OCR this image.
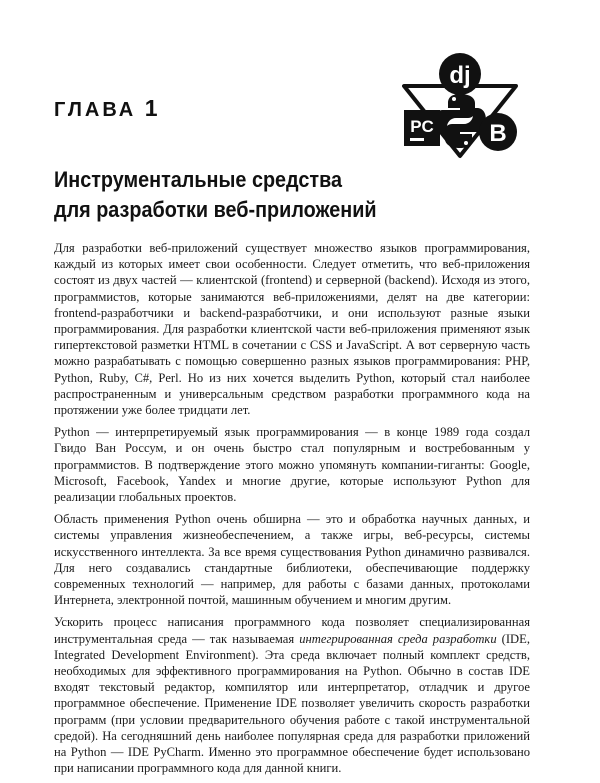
ГЛАВА 1
dj
PC B
Инструментальные средства
для разработки веб-приложений

Для разработки веб-приложений существует множество языков программирования, каждый из которых имеет свои особенности. Следует отметить, что веб-приложения состоят из двух частей — клиентской (frontend) и серверной (backend). Исходя из этого, программистов, которые занимаются веб-приложениями, делят на две категории: frontend-разработчики и backend-разработчики, и они используют разные языки программирования. Для разработки клиентской части веб-приложения применяют язык гипертекстовой разметки HTML в сочетании с CSS и JavaScript. А вот серверную часть можно разрабатывать с помощью совершенно разных языков программирования: PHP, Python, Ruby, C#, Perl. Но из них хочется выделить Python, который стал наиболее распространенным и универсальным средством разработки программного кода на протяжении уже более тридцати лет.

Python — интерпретируемый язык программирования — в конце 1989 года создал Гвидо Ван Россум, и он очень быстро стал популярным и востребованным у программистов. В подтверждение этого можно упомянуть компании-гиганты: Google, Microsoft, Facebook, Yandex и многие другие, которые используют Python для реализации глобальных проектов.

Область применения Python очень обширна — это и обработка научных данных, и системы управления жизнеобеспечением, а также игры, веб-ресурсы, системы искусственного интеллекта. За все время существования Python динамично развивался. Для него создавались стандартные библиотеки, обеспечивающие поддержку современных технологий — например, для работы с базами данных, протоколами Интернета, электронной почтой, машинным обучением и многим другим.

Ускорить процесс написания программного кода позволяет специализированная инструментальная среда — так называемая интегрированная среда разработки (IDE, Integrated Development Environment). Эта среда включает полный комплект средств, необходимых для эффективного программирования на Python. Обычно в состав IDE входят текстовый редактор, компилятор или интерпретатор, отладчик и другое программное обеспечение. Применение IDE позволяет увеличить скорость разработки программ (при условии предварительного обучения работе с такой инструментальной средой). На сегодняшний день наиболее популярная среда для разработки приложений на Python — IDE PyCharm. Именно это программное обеспечение будет использовано при написании программного кода для данной книги.
